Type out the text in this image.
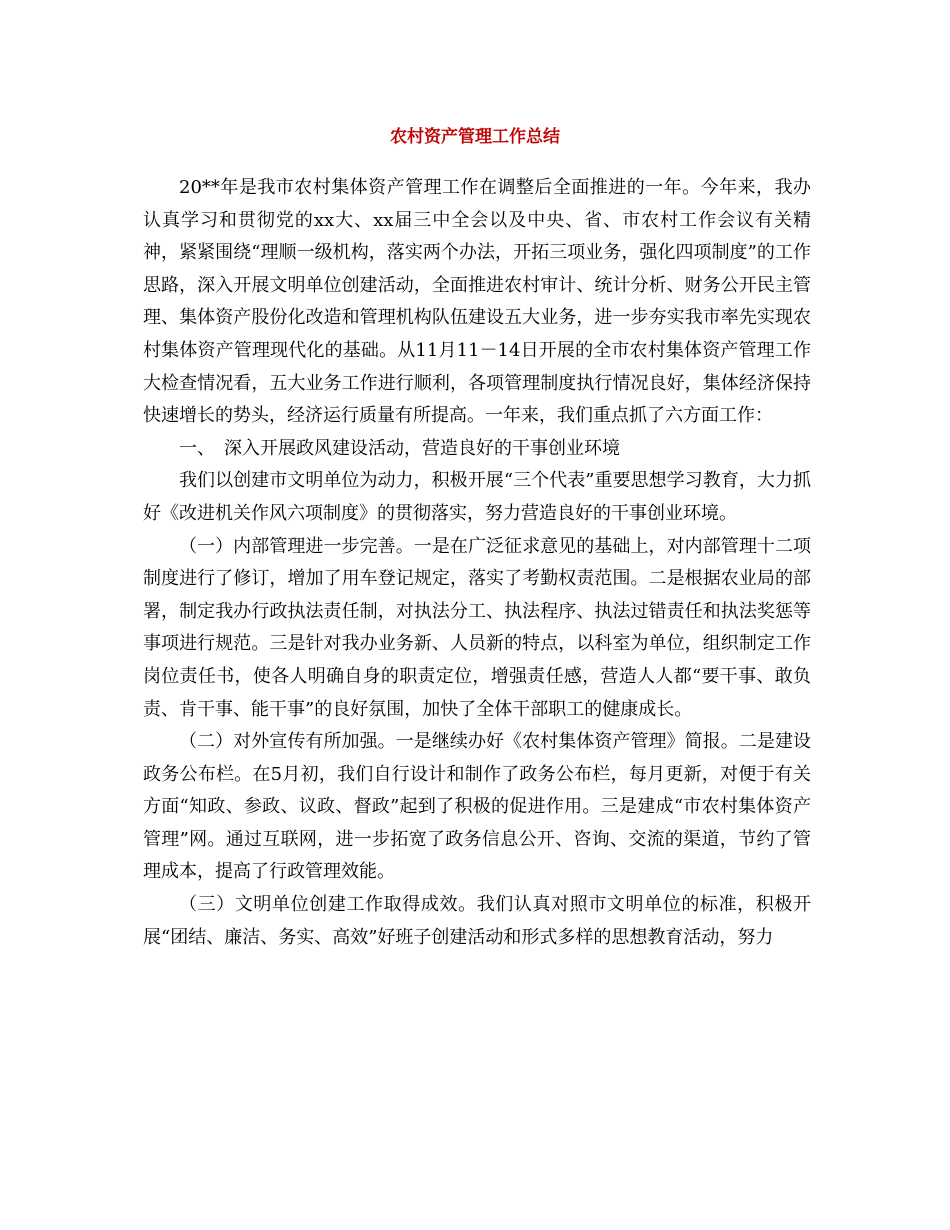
农村资产管理工作总结

20**年是我市农村集体资产管理工作在调整后全面推进的一年。今年来，我办认真学习和贯彻党的xx大、xx届三中全会以及中央、省、市农村工作会议有关精神，紧紧围绕“理顺一级机构，落实两个办法，开拓三项业务，强化四项制度”的工作思路，深入开展文明单位创建活动，全面推进农村审计、统计分析、财务公开民主管理、集体资产股份化改造和管理机构队伍建设五大业务，进一步夯实我市率先实现农村集体资产管理现代化的基础。从11月11－14日开展的全市农村集体资产管理工作大检查情况看，五大业务工作进行顺利，各项管理制度执行情况良好，集体经济保持快速增长的势头，经济运行质量有所提高。一年来，我们重点抓了六方面工作：

一、　深入开展政风建设活动，营造良好的干事创业环境

我们以创建市文明单位为动力，积极开展“三个代表”重要思想学习教育，大力抓好《改进机关作风六项制度》的贯彻落实，努力营造良好的干事创业环境。

（一）内部管理进一步完善。一是在广泛征求意见的基础上，对内部管理十二项制度进行了修订，增加了用车登记规定，落实了考勤权责范围。二是根据农业局的部署，制定我办行政执法责任制，对执法分工、执法程序、执法过错责任和执法奖惩等事项进行规范。三是针对我办业务新、人员新的特点，以科室为单位，组织制定工作岗位责任书，使各人明确自身的职责定位，增强责任感，营造人人都“要干事、敢负责、肯干事、能干事”的良好氛围，加快了全体干部职工的健康成长。

（二）对外宣传有所加强。一是继续办好《农村集体资产管理》简报。二是建设政务公布栏。在5月初，我们自行设计和制作了政务公布栏，每月更新，对便于有关方面“知政、参政、议政、督政”起到了积极的促进作用。三是建成“市农村集体资产管理”网。通过互联网，进一步拓宽了政务信息公开、咨询、交流的渠道，节约了管理成本，提高了行政管理效能。

（三）文明单位创建工作取得成效。我们认真对照市文明单位的标准，积极开展“团结、廉洁、务实、高效”好班子创建活动和形式多样的思想教育活动，努力
